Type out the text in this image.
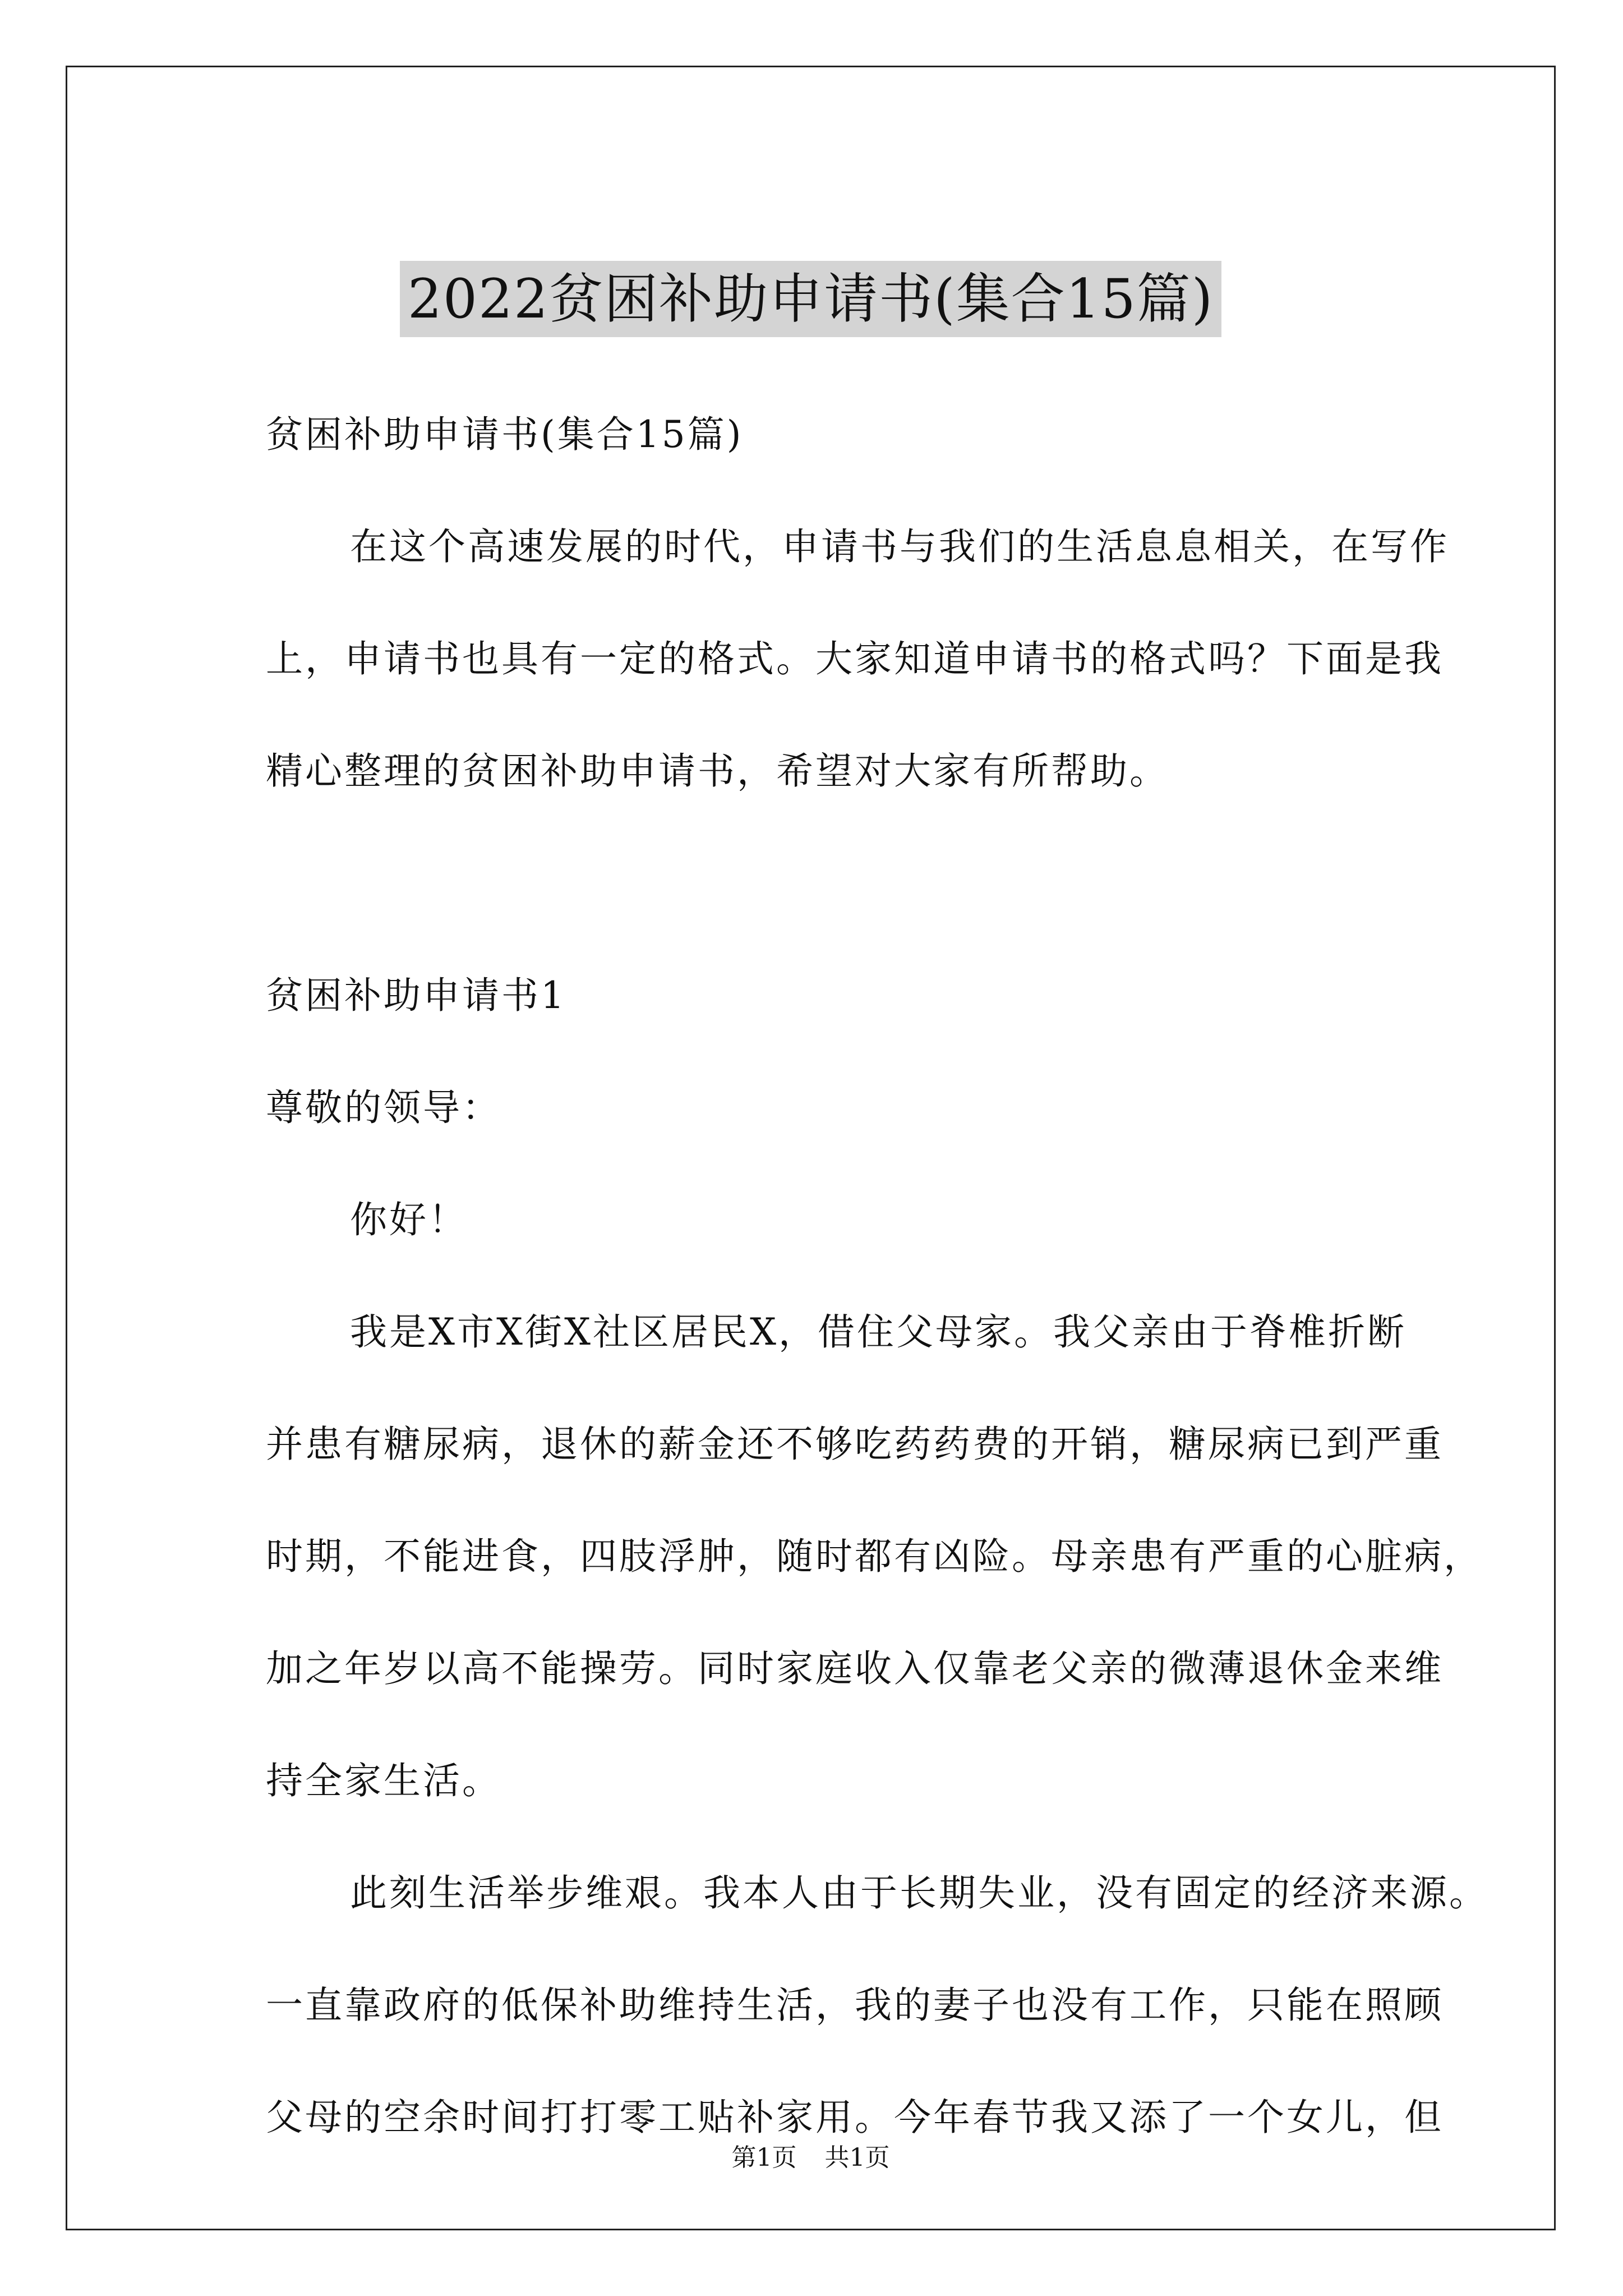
2022贫困补助申请书(集合15篇)
贫困补助申请书(集合15篇)
在这个高速发展的时代，申请书与我们的生活息息相关，在写作
上，申请书也具有一定的格式。大家知道申请书的格式吗？下面是我
精心整理的贫困补助申请书，希望对大家有所帮助。
贫困补助申请书1
尊敬的领导：
你好！
我是X市X街X社区居民X，借住父母家。我父亲由于脊椎折断
并患有糖尿病，退休的薪金还不够吃药药费的开销，糖尿病已到严重
时期，不能进食，四肢浮肿，随时都有凶险。母亲患有严重的心脏病，
加之年岁以高不能操劳。同时家庭收入仅靠老父亲的微薄退休金来维
持全家生活。
此刻生活举步维艰。我本人由于长期失业，没有固定的经济来源。
一直靠政府的低保补助维持生活，我的妻子也没有工作，只能在照顾
父母的空余时间打打零工贴补家用。今年春节我又添了一个女儿，但
第1页 共1页
